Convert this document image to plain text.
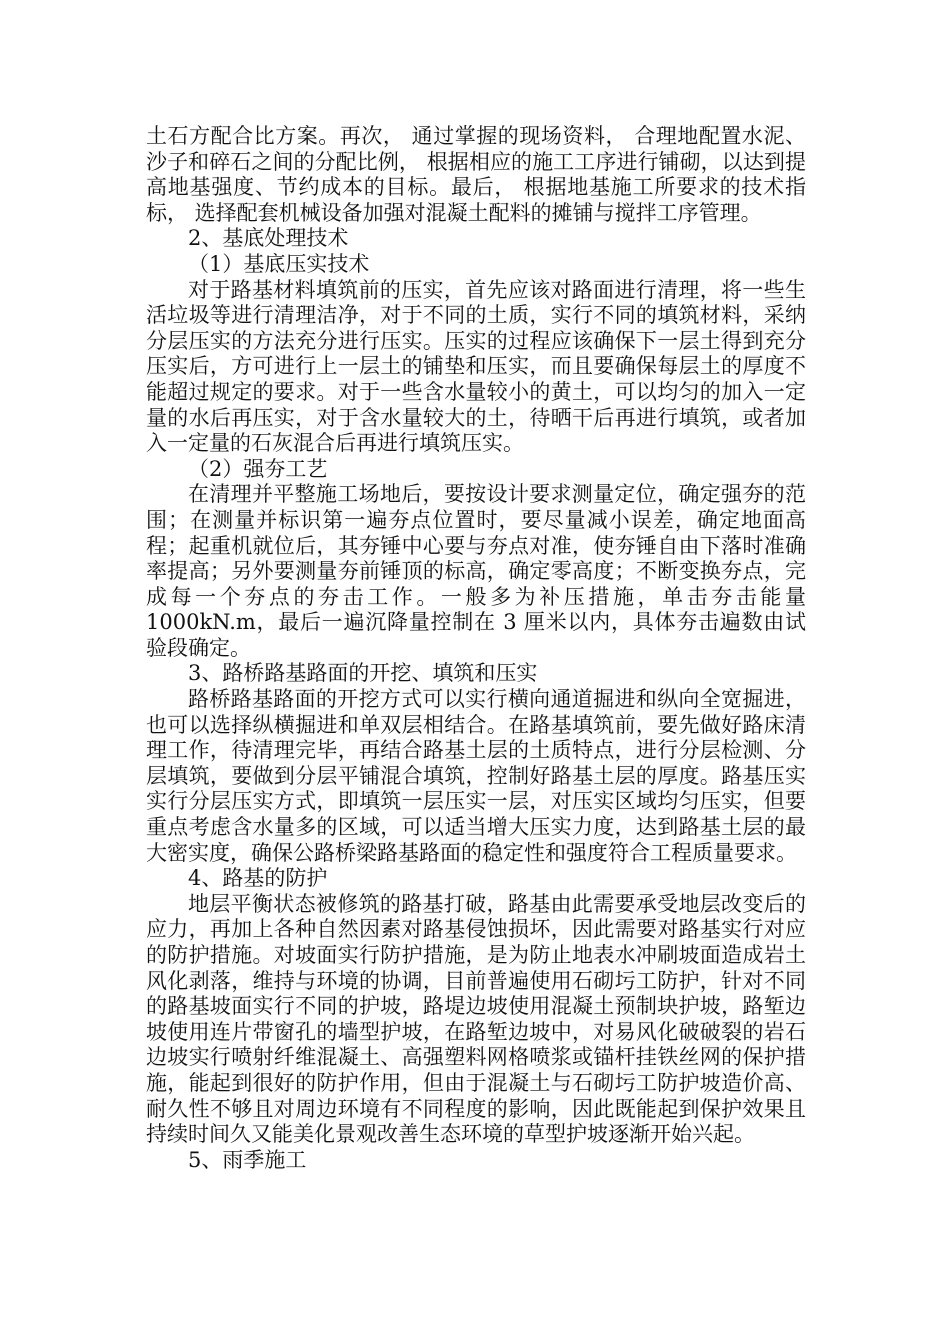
土石方配合比方案。再次， 通过掌握的现场资料， 合理地配置水泥、沙子和碎石之间的分配比例， 根据相应的施工工序进行铺砌，以达到提高地基强度、节约成本的目标。最后， 根据地基施工所要求的技术指标， 选择配套机械设备加强对混凝土配料的摊铺与搅拌工序管理。

2、基底处理技术

（1）基底压实技术

对于路基材料填筑前的压实，首先应该对路面进行清理，将一些生活垃圾等进行清理洁净，对于不同的土质，实行不同的填筑材料，采纳分层压实的方法充分进行压实。压实的过程应该确保下一层土得到充分压实后，方可进行上一层土的铺垫和压实，而且要确保每层土的厚度不能超过规定的要求。对于一些含水量较小的黄土，可以均匀的加入一定量的水后再压实，对于含水量较大的土，待晒干后再进行填筑，或者加入一定量的石灰混合后再进行填筑压实。

（2）强夯工艺

在清理并平整施工场地后，要按设计要求测量定位，确定强夯的范围；在测量并标识第一遍夯点位置时，要尽量减小误差，确定地面高程；起重机就位后，其夯锤中心要与夯点对准，使夯锤自由下落时准确率提高；另外要测量夯前锤顶的标高，确定零高度；不断变换夯点，完成每一个夯点的夯击工作。一般多为补压措施，单击夯击能量 1000kN.m，最后一遍沉降量控制在 3 厘米以内，具体夯击遍数由试验段确定。

3、路桥路基路面的开挖、填筑和压实

路桥路基路面的开挖方式可以实行横向通道掘进和纵向全宽掘进，也可以选择纵横掘进和单双层相结合。在路基填筑前，要先做好路床清理工作，待清理完毕，再结合路基土层的土质特点，进行分层检测、分层填筑，要做到分层平铺混合填筑，控制好路基土层的厚度。路基压实实行分层压实方式，即填筑一层压实一层，对压实区域均匀压实，但要重点考虑含水量多的区域，可以适当增大压实力度，达到路基土层的最大密实度，确保公路桥梁路基路面的稳定性和强度符合工程质量要求。

4、路基的防护

地层平衡状态被修筑的路基打破，路基由此需要承受地层改变后的应力，再加上各种自然因素对路基侵蚀损坏，因此需要对路基实行对应的防护措施。对坡面实行防护措施，是为防止地表水冲刷坡面造成岩土风化剥落，维持与环境的协调，目前普遍使用石砌圬工防护，针对不同的路基坡面实行不同的护坡，路堤边坡使用混凝土预制块护坡，路堑边坡使用连片带窗孔的墙型护坡，在路堑边坡中，对易风化破破裂的岩石边坡实行喷射纤维混凝土、高强塑料网格喷浆或锚杆挂铁丝网的保护措施，能起到很好的防护作用，但由于混凝土与石砌圬工防护坡造价高、耐久性不够且对周边环境有不同程度的影响，因此既能起到保护效果且持续时间久又能美化景观改善生态环境的草型护坡逐渐开始兴起。

5、雨季施工
